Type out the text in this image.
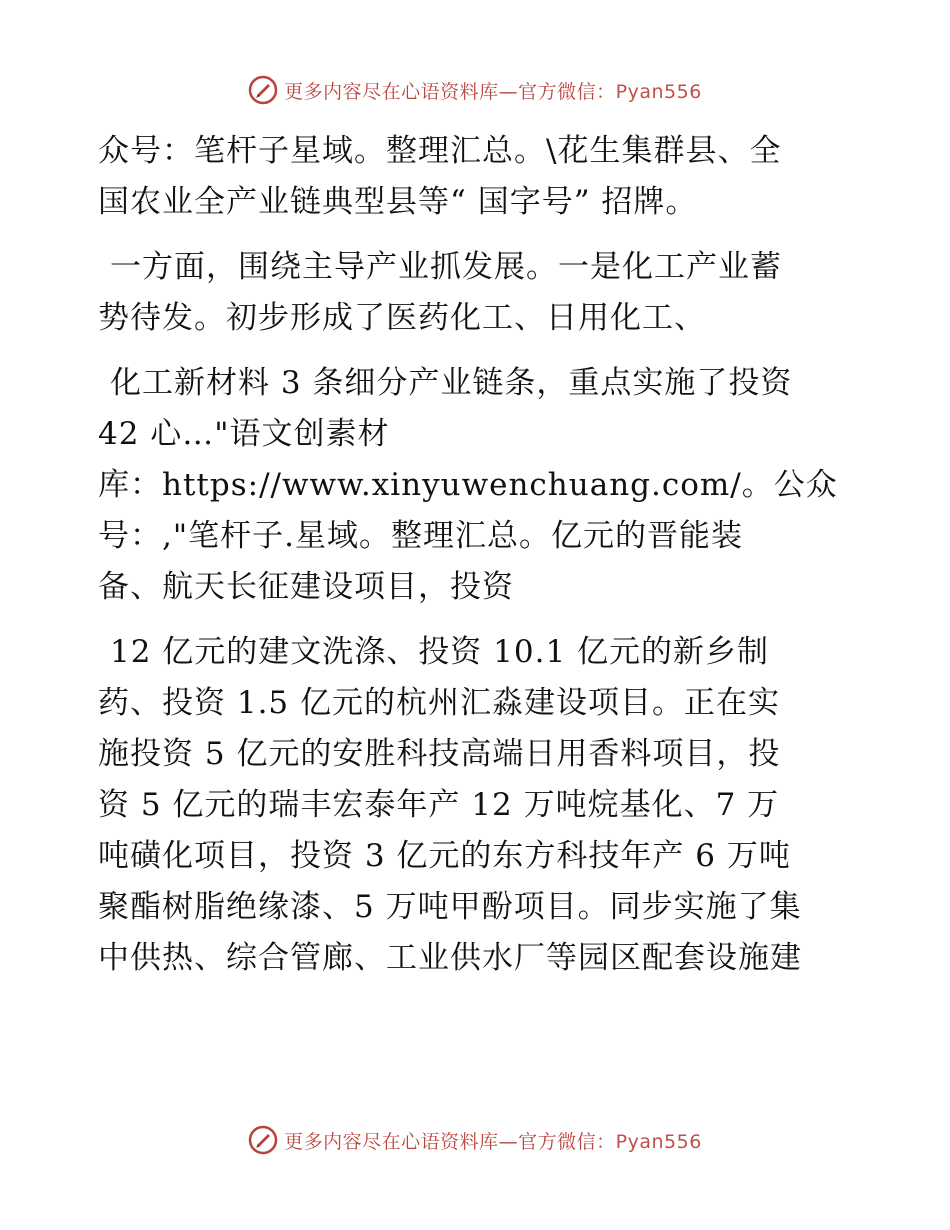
更多内容尽在心语资料库—官方微信：Pyan556
众号：笔杆子星域。整理汇总。\花生集群县、全
国农业全产业链典型县等“ 国字号” 招牌。
一方面，围绕主导产业抓发展。一是化工产业蓄
势待发。初步形成了医药化工、日用化工、
化工新材料 3 条细分产业链条，重点实施了投资
42 心…"语文创素材
库：https://www.xinyuwenchuang.com/。公众
号：,"笔杆子.星域。整理汇总。亿元的晋能装
备、航天长征建设项目，投资
12 亿元的建文洗涤、投资 10.1 亿元的新乡制
药、投资 1.5 亿元的杭州汇淼建设项目。正在实
施投资 5 亿元的安胜科技高端日用香料项目，投
资 5 亿元的瑞丰宏泰年产 12 万吨烷基化、7 万
吨磺化项目，投资 3 亿元的东方科技年产 6 万吨
聚酯树脂绝缘漆、5 万吨甲酚项目。同步实施了集
中供热、综合管廊、工业供水厂等园区配套设施建
更多内容尽在心语资料库—官方微信：Pyan556
